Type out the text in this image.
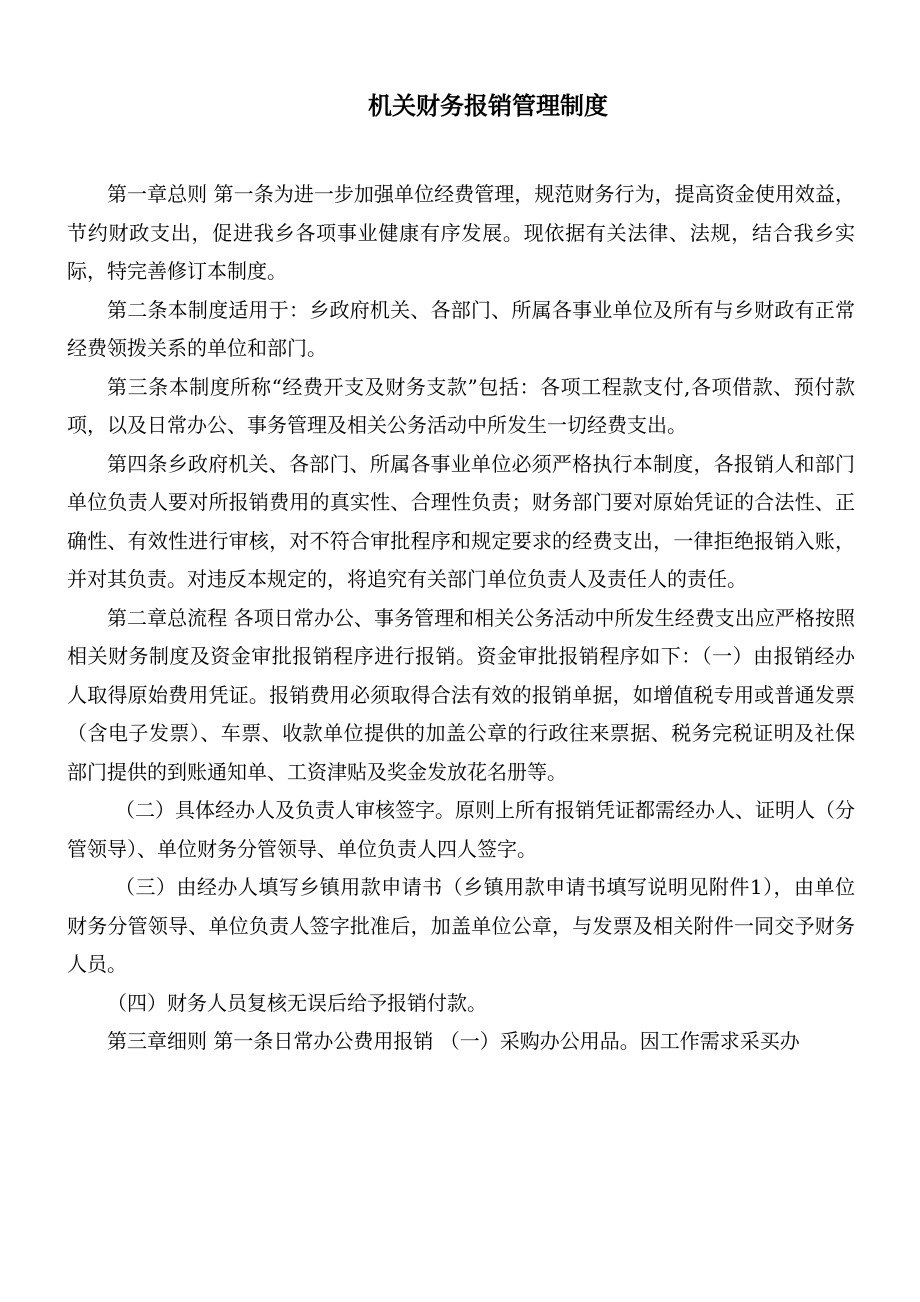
机关财务报销管理制度

第一章总则 第一条为进一步加强单位经费管理，规范财务行为，提高资金使用效益，节约财政支出，促进我乡各项事业健康有序发展。现依据有关法律、法规，结合我乡实际，特完善修订本制度。

第二条本制度适用于：乡政府机关、各部门、所属各事业单位及所有与乡财政有正常经费领拨关系的单位和部门。

第三条本制度所称“经费开支及财务支款”包括：各项工程款支付,各项借款、预付款项，以及日常办公、事务管理及相关公务活动中所发生一切经费支出。

第四条乡政府机关、各部门、所属各事业单位必须严格执行本制度，各报销人和部门单位负责人要对所报销费用的真实性、合理性负责；财务部门要对原始凭证的合法性、正确性、有效性进行审核，对不符合审批程序和规定要求的经费支出，一律拒绝报销入账，并对其负责。对违反本规定的，将追究有关部门单位负责人及责任人的责任。

第二章总流程 各项日常办公、事务管理和相关公务活动中所发生经费支出应严格按照相关财务制度及资金审批报销程序进行报销。资金审批报销程序如下：（一）由报销经办人取得原始费用凭证。报销费用必须取得合法有效的报销单据，如增值税专用或普通发票（含电子发票）、车票、收款单位提供的加盖公章的行政往来票据、税务完税证明及社保部门提供的到账通知单、工资津贴及奖金发放花名册等。

（二）具体经办人及负责人审核签字。原则上所有报销凭证都需经办人、证明人（分管领导）、单位财务分管领导、单位负责人四人签字。

（三）由经办人填写乡镇用款申请书（乡镇用款申请书填写说明见附件1），由单位财务分管领导、单位负责人签字批准后，加盖单位公章，与发票及相关附件一同交予财务人员。

（四）财务人员复核无误后给予报销付款。

第三章细则 第一条日常办公费用报销 （一）采购办公用品。因工作需求采买办
